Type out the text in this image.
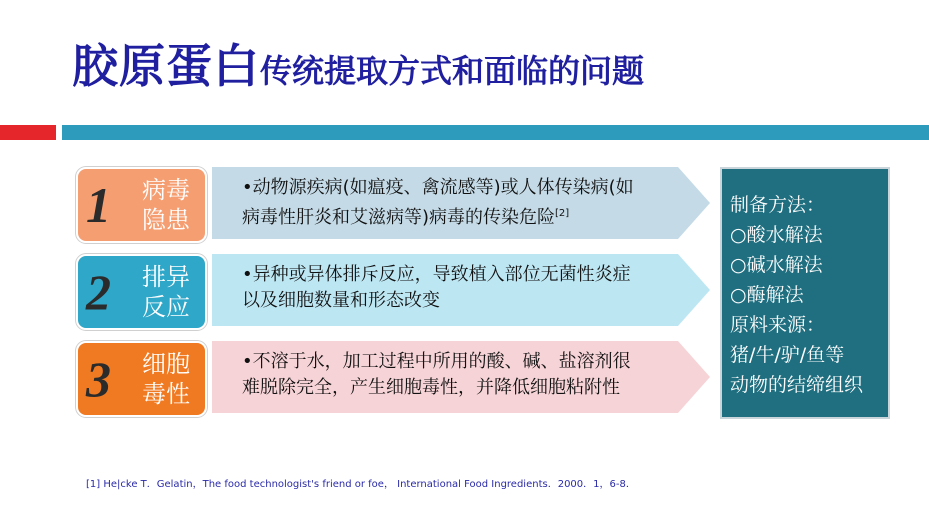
胶原蛋白传统提取方式和面临的问题
1	病毒
隐患
•动物源疾病(如瘟疫、禽流感等)或人体传染病(如
病毒性肝炎和艾滋病等)病毒的传染危险[2]
2	排异
反应
•异种或异体排斥反应，导致植入部位无菌性炎症
以及细胞数量和形态改变
3	细胞
毒性
•不溶于水，加工过程中所用的酸、碱、盐溶剂很
难脱除完全，产生细胞毒性，并降低细胞粘附性
制备方法：
○酸水解法
○碱水解法
○酶解法
原料来源：
猪/牛/驴/鱼等
动物的结缔组织
[1] He|cke T．Gelatin，The food technologist's friend or foe， International Food Ingredients．2000．1，6-8．
